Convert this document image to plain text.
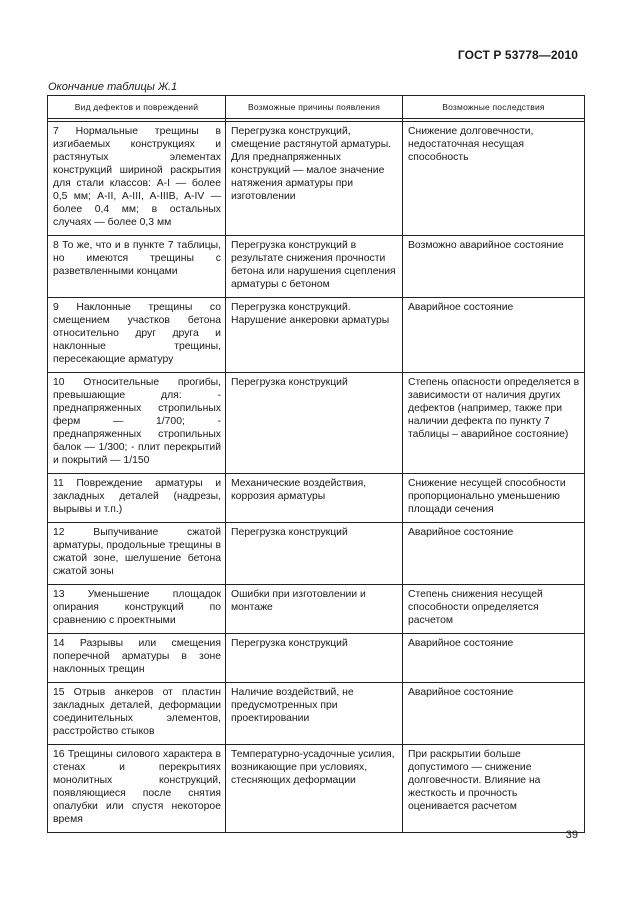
ГОСТ Р 53778—2010
Окончание таблицы Ж.1
Вид дефектов и повреждений	Возможные причины появления	Возможные последствия

7 Нормальные трещины в изгибаемых конструкциях и растянутых элементах конструкций шириной раскрытия для стали классов: A-I — более 0,5 мм; A-II, A-III, A-IIIB, A-IV — более 0,4 мм; в остальных случаях — более 0,3 мм	Перегрузка конструкций, смещение растянутой арматуры. Для преднапряженных конструкций — малое значение натяжения арматуры при изготовлении	Снижение долговечности, недостаточная несущая способность
8 То же, что и в пункте 7 таблицы, но имеются трещины с разветвленными концами	Перегрузка конструкций в результате снижения прочности бетона или нарушения сцепления арматуры с бетоном	Возможно аварийное состояние
9 Наклонные трещины со смещением участков бетона относительно друг друга и наклонные трещины, пересекающие арматуру	Перегрузка конструкций. Нарушение анкеровки арматуры	Аварийное состояние
10 Относительные прогибы, превышающие для: - преднапряженных стропильных ферм — 1/700; - преднапряженных стропильных балок — 1/300; - плит перекрытий и покрытий — 1/150	Перегрузка конструкций	Степень опасности определяется в зависимости от наличия других дефектов (например, также при наличии дефекта по пункту 7 таблицы – аварийное состояние)
11 Повреждение арматуры и закладных деталей (надрезы, вырывы и т.п.)	Механические воздействия, коррозия арматуры	Снижение несущей способности пропорционально уменьшению площади сечения
12 Выпучивание сжатой арматуры, продольные трещины в сжатой зоне, шелушение бетона сжатой зоны	Перегрузка конструкций	Аварийное состояние
13 Уменьшение площадок опирания конструкций по сравнению с проектными	Ошибки при изготовлении и монтаже	Степень снижения несущей способности определяется расчетом
14 Разрывы или смещения поперечной арматуры в зоне наклонных трещин	Перегрузка конструкций	Аварийное состояние
15 Отрыв анкеров от пластин закладных деталей, деформации соединительных элементов, расстройство стыков	Наличие воздействий, не предусмотренных при проектировании	Аварийное состояние
16 Трещины силового характера в стенах и перекрытиях монолитных конструкций, появляющиеся после снятия опалубки или спустя некоторое время	Температурно-усадочные усилия, возникающие при условиях, стесняющих деформации	При раскрытии больше допустимого — снижение долговечности. Влияние на жесткость и прочность оценивается расчетом
39
